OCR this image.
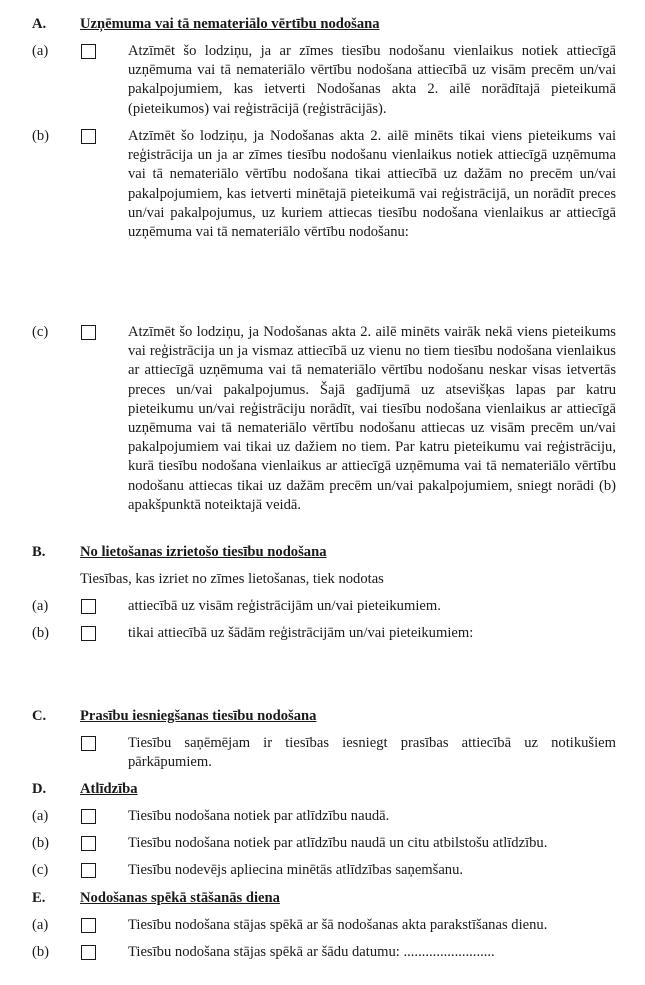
A. Uzņēmuma vai tā nemateriālo vērtību nodošana
(a)	Atzīmēt šo lodziņu, ja ar zīmes tiesību nodošanu vienlaikus notiek attiecīgā uzņēmuma vai tā nemateriālo vērtību nodošana attiecībā uz visām precēm un/vai pakalpojumiem, kas ietverti Nodošanas akta 2. ailē norādītajā pieteikumā (pieteikumos) vai reģistrācijā (reģistrācijās).
(b)	Atzīmēt šo lodziņu, ja Nodošanas akta 2. ailē minēts tikai viens pieteikums vai reģistrācija un ja ar zīmes tiesību nodošanu vienlaikus notiek attiecīgā uzņēmuma vai tā nemateriālo vērtību nodošana tikai attiecībā uz dažām no precēm un/vai pakalpojumiem, kas ietverti minētajā pieteikumā vai reģistrācijā, un norādīt preces un/vai pakalpojumus, uz kuriem attiecas tiesību nodošana vienlaikus ar attiecīgā uzņēmuma vai tā nemateriālo vērtību nodošanu:
(c)	Atzīmēt šo lodziņu, ja Nodošanas akta 2. ailē minēts vairāk nekā viens pieteikums vai reģistrācija un ja vismaz attiecībā uz vienu no tiem tiesību nodošana vienlaikus ar attiecīgā uzņēmuma vai tā nemateriālo vērtību nodošanu neskar visas ietvertās preces un/vai pakalpojumus. Šajā gadījumā uz atsevišķas lapas par katru pieteikumu un/vai reģistrāciju norādīt, vai tiesību nodošana vienlaikus ar attiecīgā uzņēmuma vai tā nemateriālo vērtību nodošanu attiecas uz visām precēm un/vai pakalpojumiem vai tikai uz dažiem no tiem. Par katru pieteikumu vai reģistrāciju, kurā tiesību nodošana vienlaikus ar attiecīgā uzņēmuma vai tā nemateriālo vērtību nodošanu attiecas tikai uz dažām precēm un/vai pakalpojumiem, sniegt norādi (b) apakšpunktā noteiktajā veidā.
B. No lietošanas izrietošo tiesību nodošana
Tiesības, kas izriet no zīmes lietošanas, tiek nodotas
(a)	attiecībā uz visām reģistrācijām un/vai pieteikumiem.
(b)	tikai attiecībā uz šādām reģistrācijām un/vai pieteikumiem:
C. Prasību iesniegšanas tiesību nodošana
Tiesību saņēmējam ir tiesības iesniegt prasības attiecībā uz notikušiem pārkāpumiem.
D. Atlīdzība
(a)	Tiesību nodošana notiek par atlīdzību naudā.
(b)	Tiesību nodošana notiek par atlīdzību naudā un citu atbilstošu atlīdzību.
(c)	Tiesību nodevējs apliecina minētās atlīdzības saņemšanu.
E. Nodošanas spēkā stāšanās diena
(a)	Tiesību nodošana stājas spēkā ar šā nodošanas akta parakstīšanas dienu.
(b)	Tiesību nodošana stājas spēkā ar šādu datumu: .........................
